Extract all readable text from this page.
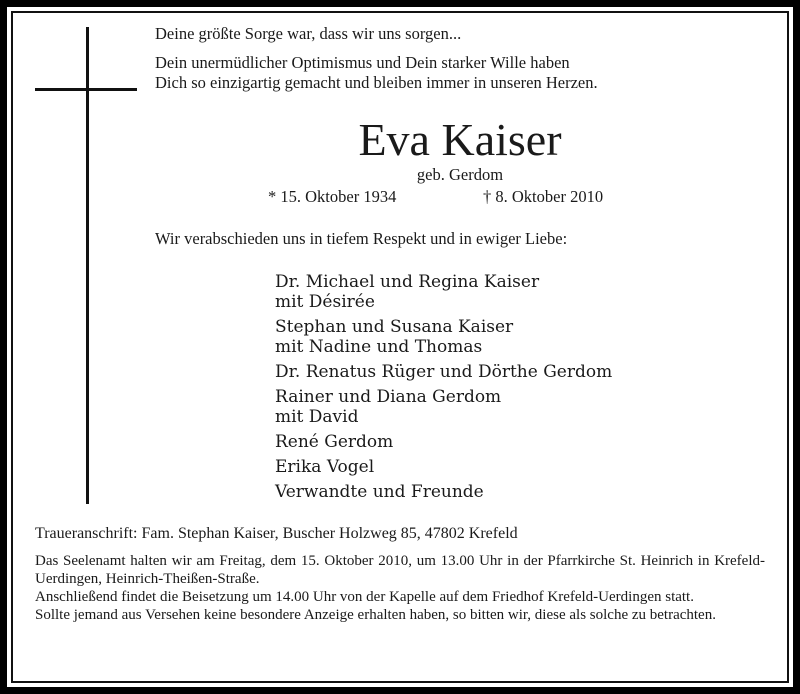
Deine größte Sorge war, dass wir uns sorgen...
Dein unermüdlicher Optimismus und Dein starker Wille haben
Dich so einzigartig gemacht und bleiben immer in unseren Herzen.
Eva Kaiser
geb. Gerdom
* 15. Oktober 1934	† 8. Oktober 2010
Wir verabschieden uns in tiefem Respekt und in ewiger Liebe:
Dr. Michael und Regina Kaiser
mit Désirée
Stephan und Susana Kaiser
mit Nadine und Thomas
Dr. Renatus Rüger und Dörthe Gerdom
Rainer und Diana Gerdom
mit David
René Gerdom
Erika Vogel
Verwandte und Freunde
Traueranschrift: Fam. Stephan Kaiser, Buscher Holzweg 85, 47802 Krefeld

Das Seelenamt halten wir am Freitag, dem 15. Oktober 2010, um 13.00 Uhr in der Pfarrkirche St. Heinrich in Krefeld-Uerdingen, Heinrich-Theißen-Straße.

Anschließend findet die Beisetzung um 14.00 Uhr von der Kapelle auf dem Friedhof Krefeld-Uerdingen statt.

Sollte jemand aus Versehen keine besondere Anzeige erhalten haben, so bitten wir, diese als solche zu betrachten.
